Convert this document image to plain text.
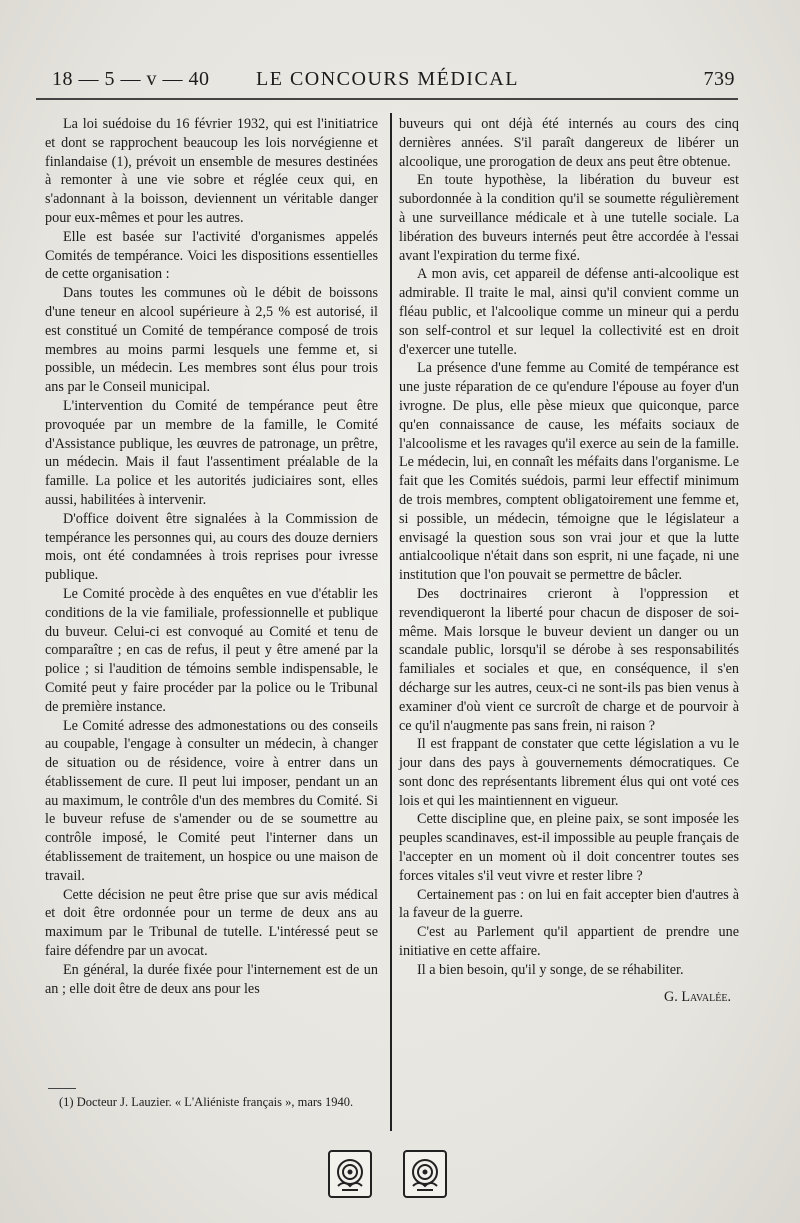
18 — 5 — v — 40	LE CONCOURS MÉDICAL	739

La loi suédoise du 16 février 1932, qui est l'initiatrice et dont se rapprochent beaucoup les lois norvégienne et finlandaise (1), prévoit un ensemble de mesures destinées à remonter à une vie sobre et réglée ceux qui, en s'adonnant à la boisson, deviennent un véritable danger pour eux-mêmes et pour les autres.

Elle est basée sur l'activité d'organismes appelés Comités de tempérance. Voici les dispositions essentielles de cette organisation :

Dans toutes les communes où le débit de boissons d'une teneur en alcool supérieure à 2,5 % est autorisé, il est constitué un Comité de tempérance composé de trois membres au moins parmi lesquels une femme et, si possible, un médecin. Les membres sont élus pour trois ans par le Conseil municipal.

L'intervention du Comité de tempérance peut être provoquée par un membre de la famille, le Comité d'Assistance publique, les œuvres de patronage, un prêtre, un médecin. Mais il faut l'assentiment préalable de la famille. La police et les autorités judiciaires sont, elles aussi, habilitées à intervenir.

D'office doivent être signalées à la Commission de tempérance les personnes qui, au cours des douze derniers mois, ont été condamnées à trois reprises pour ivresse publique.

Le Comité procède à des enquêtes en vue d'établir les conditions de la vie familiale, professionnelle et publique du buveur. Celui-ci est convoqué au Comité et tenu de comparaître ; en cas de refus, il peut y être amené par la police ; si l'audition de témoins semble indispensable, le Comité peut y faire procéder par la police ou le Tribunal de première instance.

Le Comité adresse des admonestations ou des conseils au coupable, l'engage à consulter un médecin, à changer de situation ou de résidence, voire à entrer dans un établissement de cure. Il peut lui imposer, pendant un an au maximum, le contrôle d'un des membres du Comité. Si le buveur refuse de s'amender ou de se soumettre au contrôle imposé, le Comité peut l'interner dans un établissement de traitement, un hospice ou une maison de travail.

Cette décision ne peut être prise que sur avis médical et doit être ordonnée pour un terme de deux ans au maximum par le Tribunal de tutelle. L'intéressé peut se faire défendre par un avocat.

En général, la durée fixée pour l'internement est de un an ; elle doit être de deux ans pour les

(1) Docteur J. Lauzier. « L'Aliéniste français », mars 1940.

buveurs qui ont déjà été internés au cours des cinq dernières années. S'il paraît dangereux de libérer un alcoolique, une prorogation de deux ans peut être obtenue.

En toute hypothèse, la libération du buveur est subordonnée à la condition qu'il se soumette régulièrement à une surveillance médicale et à une tutelle sociale. La libération des buveurs internés peut être accordée à l'essai avant l'expiration du terme fixé.

A mon avis, cet appareil de défense anti-alcoolique est admirable. Il traite le mal, ainsi qu'il convient comme un fléau public, et l'alcoolique comme un mineur qui a perdu son self-control et sur lequel la collectivité est en droit d'exercer une tutelle.

La présence d'une femme au Comité de tempérance est une juste réparation de ce qu'endure l'épouse au foyer d'un ivrogne. De plus, elle pèse mieux que quiconque, parce qu'en connaissance de cause, les méfaits sociaux de l'alcoolisme et les ravages qu'il exerce au sein de la famille. Le médecin, lui, en connaît les méfaits dans l'organisme. Le fait que les Comités suédois, parmi leur effectif minimum de trois membres, comptent obligatoirement une femme et, si possible, un médecin, témoigne que le législateur a envisagé la question sous son vrai jour et que la lutte antialcoolique n'était dans son esprit, ni une façade, ni une institution que l'on pouvait se permettre de bâcler.

Des doctrinaires crieront à l'oppression et revendiqueront la liberté pour chacun de disposer de soi-même. Mais lorsque le buveur devient un danger ou un scandale public, lorsqu'il se dérobe à ses responsabilités familiales et sociales et que, en conséquence, il s'en décharge sur les autres, ceux-ci ne sont-ils pas bien venus à examiner d'où vient ce surcroît de charge et de pourvoir à ce qu'il n'augmente pas sans frein, ni raison ?

Il est frappant de constater que cette législation a vu le jour dans des pays à gouvernements démocratiques. Ce sont donc des représentants librement élus qui ont voté ces lois et qui les maintiennent en vigueur.

Cette discipline que, en pleine paix, se sont imposée les peuples scandinaves, est-il impossible au peuple français de l'accepter en un moment où il doit concentrer toutes ses forces vitales s'il veut vivre et rester libre ?

Certainement pas : on lui en fait accepter bien d'autres à la faveur de la guerre.

C'est au Parlement qu'il appartient de prendre une initiative en cette affaire.

Il a bien besoin, qu'il y songe, de se réhabiliter.

G. Lavalée.
